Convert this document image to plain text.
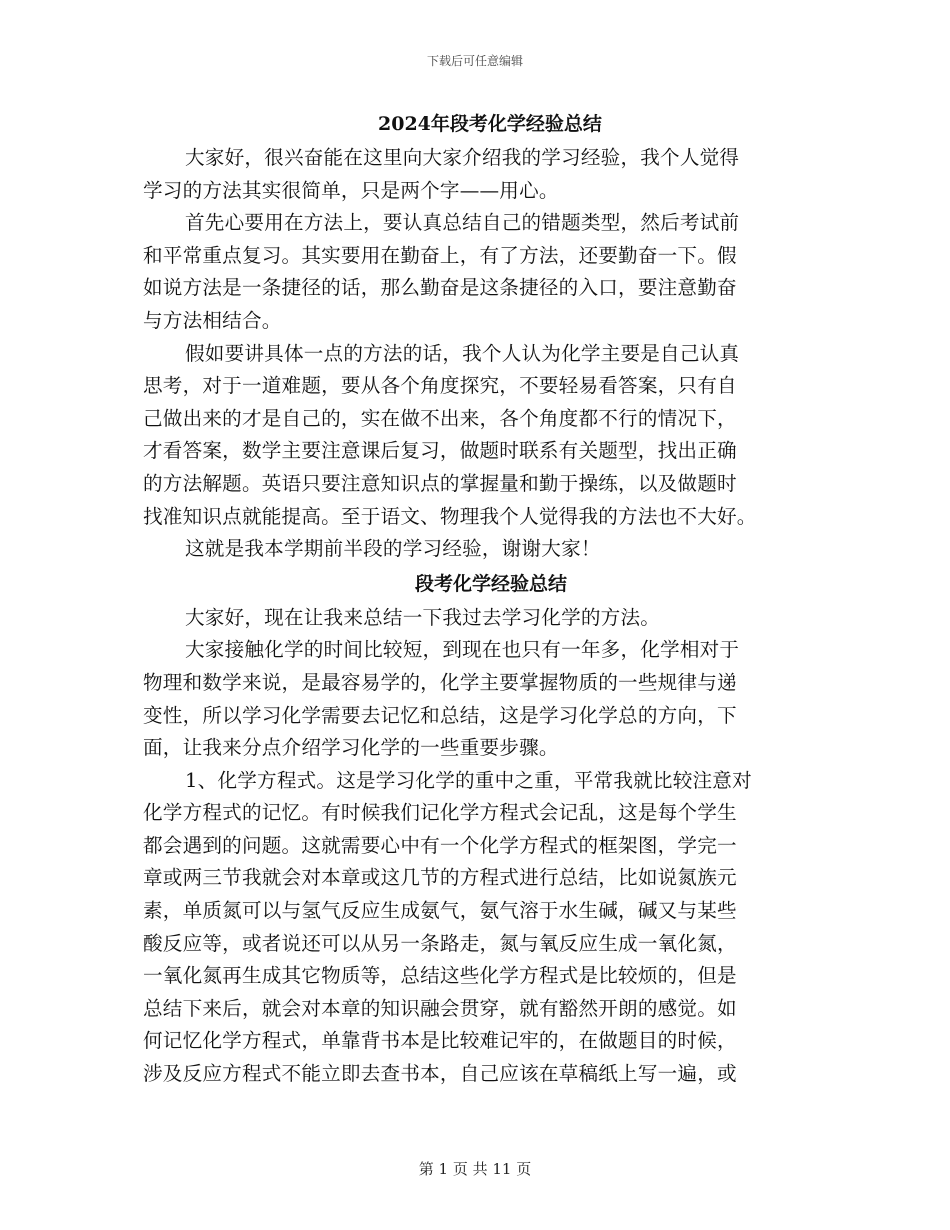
下载后可任意编辑
2024年段考化学经验总结

大家好，很兴奋能在这里向大家介绍我的学习经验，我个人觉得
学习的方法其实很简单，只是两个字——用心。

首先心要用在方法上，要认真总结自己的错题类型，然后考试前
和平常重点复习。其实要用在勤奋上，有了方法，还要勤奋一下。假
如说方法是一条捷径的话，那么勤奋是这条捷径的入口，要注意勤奋
与方法相结合。

假如要讲具体一点的方法的话，我个人认为化学主要是自己认真
思考，对于一道难题，要从各个角度探究，不要轻易看答案，只有自
己做出来的才是自己的，实在做不出来，各个角度都不行的情况下，
才看答案，数学主要注意课后复习，做题时联系有关题型，找出正确
的方法解题。英语只要注意知识点的掌握量和勤于操练，以及做题时
找准知识点就能提高。至于语文、物理我个人觉得我的方法也不大好。

这就是我本学期前半段的学习经验，谢谢大家！

段考化学经验总结

大家好，现在让我来总结一下我过去学习化学的方法。

大家接触化学的时间比较短，到现在也只有一年多，化学相对于
物理和数学来说，是最容易学的，化学主要掌握物质的一些规律与递
变性，所以学习化学需要去记忆和总结，这是学习化学总的方向，下
面，让我来分点介绍学习化学的一些重要步骤。

1、化学方程式。这是学习化学的重中之重，平常我就比较注意对
化学方程式的记忆。有时候我们记化学方程式会记乱，这是每个学生
都会遇到的问题。这就需要心中有一个化学方程式的框架图，学完一
章或两三节我就会对本章或这几节的方程式进行总结，比如说氮族元
素，单质氮可以与氢气反应生成氨气，氨气溶于水生碱，碱又与某些
酸反应等，或者说还可以从另一条路走，氮与氧反应生成一氧化氮，
一氧化氮再生成其它物质等，总结这些化学方程式是比较烦的，但是
总结下来后，就会对本章的知识融会贯穿，就有豁然开朗的感觉。如
何记忆化学方程式，单靠背书本是比较难记牢的，在做题目的时候，
涉及反应方程式不能立即去查书本，自己应该在草稿纸上写一遍，或

第 1 页 共 11 页
